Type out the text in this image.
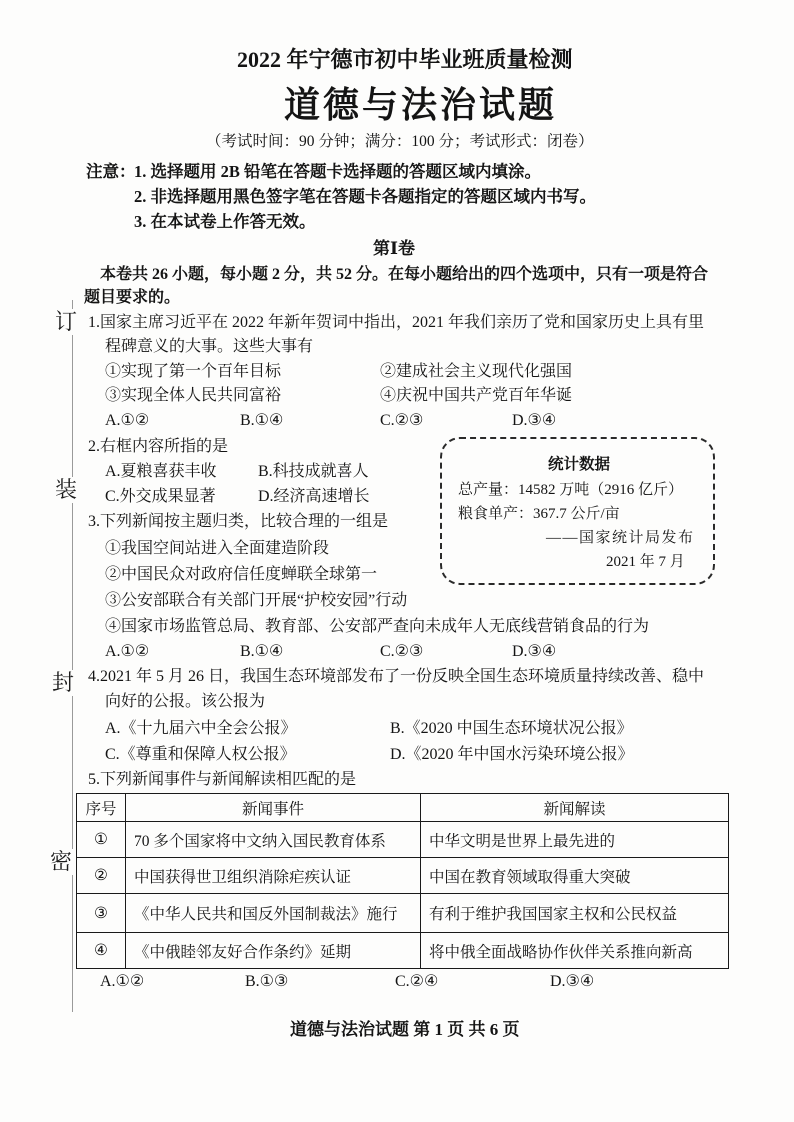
订
装
封
密
2022 年宁德市初中毕业班质量检测
道德与法治试题
（考试时间：90 分钟；满分：100 分；考试形式：闭卷）
注意：
1. 选择题用 2B 铅笔在答题卡选择题的答题区域内填涂。
2. 非选择题用黑色签字笔在答题卡各题指定的答题区域内书写。
3. 在本试卷上作答无效。
第Ⅰ卷
本卷共 26 小题，每小题 2 分，共 52 分。在每小题给出的四个选项中，只有一项是符合
题目要求的。
1.国家主席习近平在 2022 年新年贺词中指出，2021 年我们亲历了党和国家历史上具有里
程碑意义的大事。这些大事有
①实现了第一个百年目标	②建成社会主义现代化强国
③实现全体人民共同富裕	④庆祝中国共产党百年华诞
A.①②	B.①④	C.②③	D.③④
2.右框内容所指的是
A.夏粮喜获丰收	B.科技成就喜人
C.外交成果显著	D.经济高速增长
统计数据
总产量：14582 万吨（2916 亿斤）
粮食单产：367.7 公斤/亩
——国家统计局发布
2021 年 7 月
3.下列新闻按主题归类，比较合理的一组是
①我国空间站进入全面建造阶段
②中国民众对政府信任度蝉联全球第一
③公安部联合有关部门开展“护校安园”行动
④国家市场监管总局、教育部、公安部严查向未成年人无底线营销食品的行为
A.①②	B.①④	C.②③	D.③④
4.2021 年 5 月 26 日，我国生态环境部发布了一份反映全国生态环境质量持续改善、稳中
向好的公报。该公报为
A.《十九届六中全会公报》	B.《2020 中国生态环境状况公报》
C.《尊重和保障人权公报》	D.《2020 年中国水污染环境公报》
5.下列新闻事件与新闻解读相匹配的是
序号	新闻事件	新闻解读
①	70 多个国家将中文纳入国民教育体系	中华文明是世界上最先进的
②	中国获得世卫组织消除疟疾认证	中国在教育领域取得重大突破
③	《中华人民共和国反外国制裁法》施行	有利于维护我国国家主权和公民权益
④	《中俄睦邻友好合作条约》延期	将中俄全面战略协作伙伴关系推向新高
A.①②	B.①③	C.②④	D.③④
道德与法治试题 第 1 页 共 6 页
